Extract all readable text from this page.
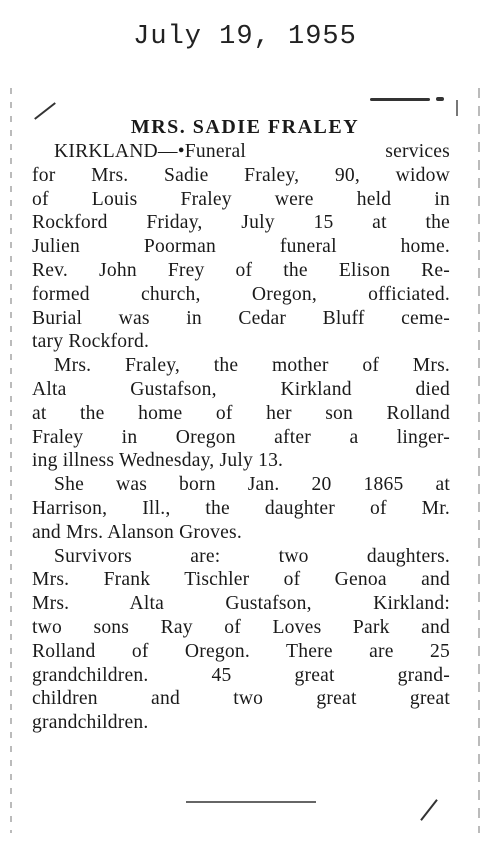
July 19, 1955
MRS. SADIE FRALEY
KIRKLAND—•Funeral services
for Mrs. Sadie Fraley, 90, widow
of Louis Fraley were held in
Rockford Friday, July 15 at the
Julien Poorman funeral home.
Rev. John Frey of the Elison Re-
formed church, Oregon, officiated.
Burial was in Cedar Bluff ceme-
tary Rockford.
Mrs. Fraley, the mother of Mrs.
Alta Gustafson, Kirkland died
at the home of her son Rolland
Fraley in Oregon after a linger-
ing illness Wednesday, July 13.
She was born Jan. 20 1865 at
Harrison, Ill., the daughter of Mr.
and Mrs. Alanson Groves.
Survivors are: two daughters.
Mrs. Frank Tischler of Genoa and
Mrs. Alta Gustafson, Kirkland:
two sons Ray of Loves Park and
Rolland of Oregon. There are 25
grandchildren. 45 great grand-
children and two great great
grandchildren.
